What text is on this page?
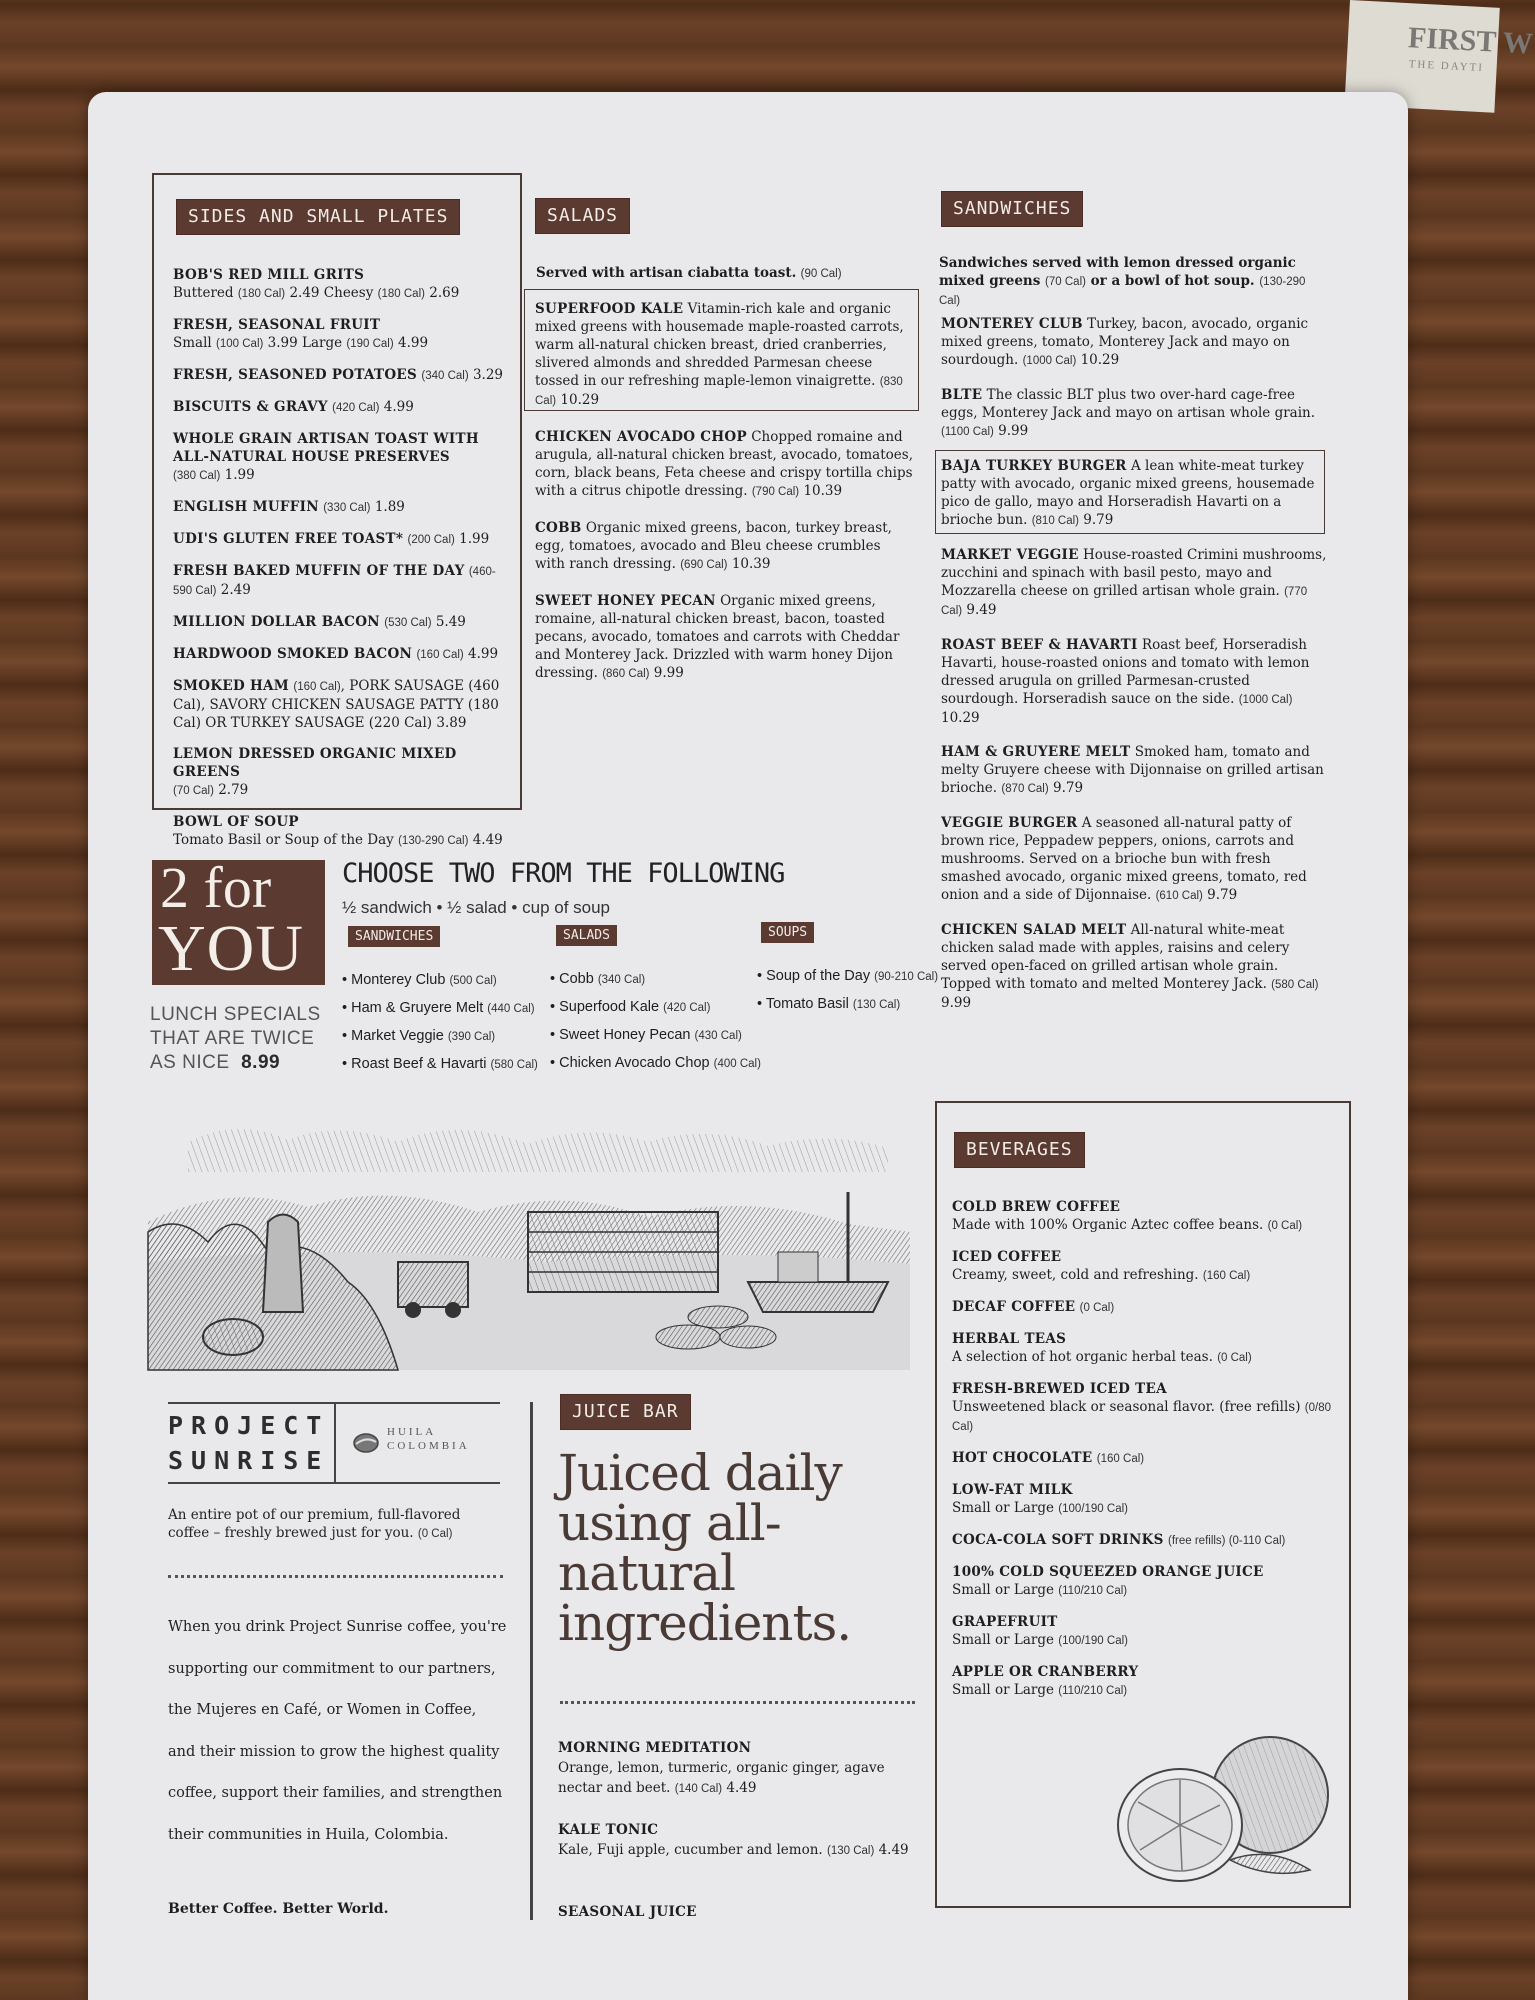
FIRST W
THE DAYTI
SIDES AND SMALL PLATES
BOB'S RED MILL GRITS
Buttered (180 Cal) 2.49 Cheesy (180 Cal) 2.69
FRESH, SEASONAL FRUIT
Small (100 Cal) 3.99 Large (190 Cal) 4.99
FRESH, SEASONED POTATOES (340 Cal) 3.29
BISCUITS & GRAVY (420 Cal) 4.99
WHOLE GRAIN ARTISAN TOAST WITH ALL-NATURAL HOUSE PRESERVES
(380 Cal) 1.99
ENGLISH MUFFIN (330 Cal) 1.89
UDI'S GLUTEN FREE TOAST* (200 Cal) 1.99
FRESH BAKED MUFFIN OF THE DAY (460-590 Cal) 2.49
MILLION DOLLAR BACON (530 Cal) 5.49
HARDWOOD SMOKED BACON (160 Cal) 4.99
SMOKED HAM (160 Cal), PORK SAUSAGE (460 Cal), SAVORY CHICKEN SAUSAGE PATTY (180 Cal) OR TURKEY SAUSAGE (220 Cal) 3.89
LEMON DRESSED ORGANIC MIXED GREENS
(70 Cal) 2.79
BOWL OF SOUP
Tomato Basil or Soup of the Day (130-290 Cal) 4.49
SALADS
Served with artisan ciabatta toast. (90 Cal)
SUPERFOOD KALE Vitamin-rich kale and organic mixed greens with housemade maple-roasted carrots, warm all-natural chicken breast, dried cranberries, slivered almonds and shredded Parmesan cheese tossed in our refreshing maple-lemon vinaigrette. (830 Cal) 10.29
CHICKEN AVOCADO CHOP Chopped romaine and arugula, all-natural chicken breast, avocado, tomatoes, corn, black beans, Feta cheese and crispy tortilla chips with a citrus chipotle dressing. (790 Cal) 10.39
COBB Organic mixed greens, bacon, turkey breast, egg, tomatoes, avocado and Bleu cheese crumbles with ranch dressing. (690 Cal) 10.39
SWEET HONEY PECAN Organic mixed greens, romaine, all-natural chicken breast, bacon, toasted pecans, avocado, tomatoes and carrots with Cheddar and Monterey Jack. Drizzled with warm honey Dijon dressing. (860 Cal) 9.99
SANDWICHES
Sandwiches served with lemon dressed organic mixed greens (70 Cal) or a bowl of hot soup. (130-290 Cal)
MONTEREY CLUB Turkey, bacon, avocado, organic mixed greens, tomato, Monterey Jack and mayo on sourdough. (1000 Cal) 10.29
BLTE The classic BLT plus two over-hard cage-free eggs, Monterey Jack and mayo on artisan whole grain. (1100 Cal) 9.99
BAJA TURKEY BURGER A lean white-meat turkey patty with avocado, organic mixed greens, housemade pico de gallo, mayo and Horseradish Havarti on a brioche bun. (810 Cal) 9.79
MARKET VEGGIE House-roasted Crimini mushrooms, zucchini and spinach with basil pesto, mayo and Mozzarella cheese on grilled artisan whole grain. (770 Cal) 9.49
ROAST BEEF & HAVARTI Roast beef, Horseradish Havarti, house-roasted onions and tomato with lemon dressed arugula on grilled Parmesan-crusted sourdough. Horseradish sauce on the side. (1000 Cal) 10.29
HAM & GRUYERE MELT Smoked ham, tomato and melty Gruyere cheese with Dijonnaise on grilled artisan brioche. (870 Cal) 9.79
VEGGIE BURGER A seasoned all-natural patty of brown rice, Peppadew peppers, onions, carrots and mushrooms. Served on a brioche bun with fresh smashed avocado, organic mixed greens, tomato, red onion and a side of Dijonnaise. (610 Cal) 9.79
CHICKEN SALAD MELT All-natural white-meat chicken salad made with apples, raisins and celery served open-faced on grilled artisan whole grain. Topped with tomato and melted Monterey Jack. (580 Cal) 9.99
2 for
YOU
LUNCH SPECIALS
THAT ARE TWICE
AS NICE 8.99
CHOOSE TWO FROM THE FOLLOWING
½ sandwich • ½ salad • cup of soup
SANDWICHES	SALADS	SOUPS
• Monterey Club (500 Cal)
• Ham & Gruyere Melt (440 Cal)
• Market Veggie (390 Cal)
• Roast Beef & Havarti (580 Cal)
• Cobb (340 Cal)
• Superfood Kale (420 Cal)
• Sweet Honey Pecan (430 Cal)
• Chicken Avocado Chop (400 Cal)
• Soup of the Day (90-210 Cal)
• Tomato Basil (130 Cal)
PROJECT
SUNRISE
HUILA
COLOMBIA
An entire pot of our premium, full-flavored coffee – freshly brewed just for you. (0 Cal)
When you drink Project Sunrise coffee, you're supporting our commitment to our partners, the Mujeres en Café, or Women in Coffee, and their mission to grow the highest quality coffee, support their families, and strengthen their communities in Huila, Colombia.
Better Coffee. Better World.
JUICE BAR
Juiced daily using all-natural ingredients.
MORNING MEDITATION
Orange, lemon, turmeric, organic ginger, agave nectar and beet. (140 Cal) 4.49
KALE TONIC
Kale, Fuji apple, cucumber and lemon. (130 Cal) 4.49
SEASONAL JUICE
BEVERAGES
COLD BREW COFFEE
Made with 100% Organic Aztec coffee beans. (0 Cal)
ICED COFFEE
Creamy, sweet, cold and refreshing. (160 Cal)
DECAF COFFEE (0 Cal)
HERBAL TEAS
A selection of hot organic herbal teas. (0 Cal)
FRESH-BREWED ICED TEA
Unsweetened black or seasonal flavor. (free refills) (0/80 Cal)
HOT CHOCOLATE (160 Cal)
LOW-FAT MILK
Small or Large (100/190 Cal)
COCA-COLA SOFT DRINKS (free refills) (0-110 Cal)
100% COLD SQUEEZED ORANGE JUICE
Small or Large (110/210 Cal)
GRAPEFRUIT
Small or Large (100/190 Cal)
APPLE OR CRANBERRY
Small or Large (110/210 Cal)
